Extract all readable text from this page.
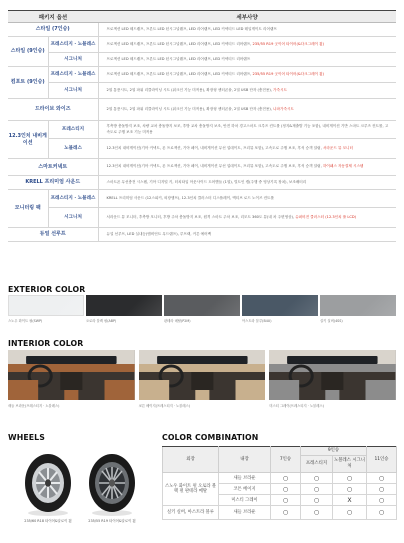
패키지 옵션		세부사양
스타일 (7인승)		프로젝션 LED 헤드램프, 프론트 LED 턴시그널램프, LED 리어램프, LED 커넥티드 LED 테일게이트 리어램프
스타일 (9인승)	프레스티지 · 노블레스	프로젝션 LED 헤드램프, 프론트 LED 턴시그널램프, LED 리어램프, LED 커넥티드 리어램프, 235/55 R19 굿이어 타이어(&다크그레이 휠)
	시그니처	프로젝션 LED 헤드램프, 프론트 LED 턴시그널램프, LED 리어램프, LED 커넥티드 리어램프
컴포트 (9인승)	프레스티지 · 노블레스	프로젝션 LED 헤드램프, 프론트 LED 턴시그널램프, LED 리어램프, LED 커넥티드 리어램프, 235/55 R19 굿이어 타이어(&다크그레이 휠)
	시그니처	2열 통풍시트, 2열 파워 리클라이닝 시트 (워크인 기능 미적용), 확장형 센터콘솔, 2열 USB 단자 (충전용), 가죽시트
드라이브 와이즈		2열 통풍시트, 2열 파워 리클라이닝 시트 (워크인 기능 미적용), 확장형 센터콘솔, 2열 USB 단자 (충전용), 나파가죽시트
12.3인치 내비게이션	프레스티지	후측방 충돌방지 보조, 차량 교차 충돌방지 보조, 후방 교차 충돌방지 보조, 안전 하차 경고스마트 크루즈 컨트롤 (정지&재출발 기능 포함), 내비게이션 기반 스마트 크루즈 컨트롤, 고속도로 주행 보조 기능 미적용
	노블레스	12.3인치 내비게이션(기아 커넥트, 폰 프로젝션, 기아 페이, 내비게이션 무선 업데이트, 프리뷰 포함), 고속도로 주행 보조, 후석 승객 알림, 서라운드 뷰 모니터
스마트커넥트		12.3인치 내비게이션(기아 커넥트, 폰 프로젝션, 기아 페이, 내비게이션 무선 업데이트, 프리뷰 포함), 고속도로 주행 보조, 후석 승객 알림, 하이패스 자동결제 시스템
KRELL 프리미엄 사운드		스마트폰 무선충전 시스템, 기아 디지털 키, 터치타입 아웃사이드 도어핸들 (1열), 빌트인 캠(주행 중 영상기록 장치), 보조배터리
모니터링 팩	프레스티지 · 노블레스	KRELL 프리미엄 사운드 (12스피커, 외장앰프), 12.3인치 클러스터 디스플레이, 액티브 로드 노이즈 컨트롤
	시그니처	서라운드 뷰 모니터, 후측방 모니터, 후방 주차 충돌방지 보조, 원격 스마트 주차 보조, 리모트 360도 뷰(내 차 주변영상), 슈퍼비전 클러스터 (12.3인치 풀 LCD)
듀얼 선루프		듀얼 선루프, LED 실내등(앰비언트 무드램프), 루프랙, 커튼 에어백
EXTERIOR COLOR
스노우 화이트 펄(SWP)	오로라 블랙 펄(ABP)	판테라 메탈(P2M)	아스트라 블루(B4U)	실키 실버(4SS)
INTERIOR COLOR
새들 브라운(프레스티지 · 노블레스)	코튼 베이지(프레스티지 · 노블레스)	미스티 그레이(프레스티지 · 노블레스)
WHEELS
235/60 R18 타이어&알로이 휠	235/55 R19 타이어&알로이 휠
COLOR COMBINATION
외장	내장	7인승	9인승		11인승
			프레스티지	노블레스 시그니처	
스노우 화이트 펄 오로라 블랙 펄 판테라 메탈	새들 브라운	○	○	○	○
	코튼 베이지	○	○	○	○
	미스티 그레이	○	○	X	○
실키 실버, 아스트라 블루	새들 브라운	○	○	○	○
